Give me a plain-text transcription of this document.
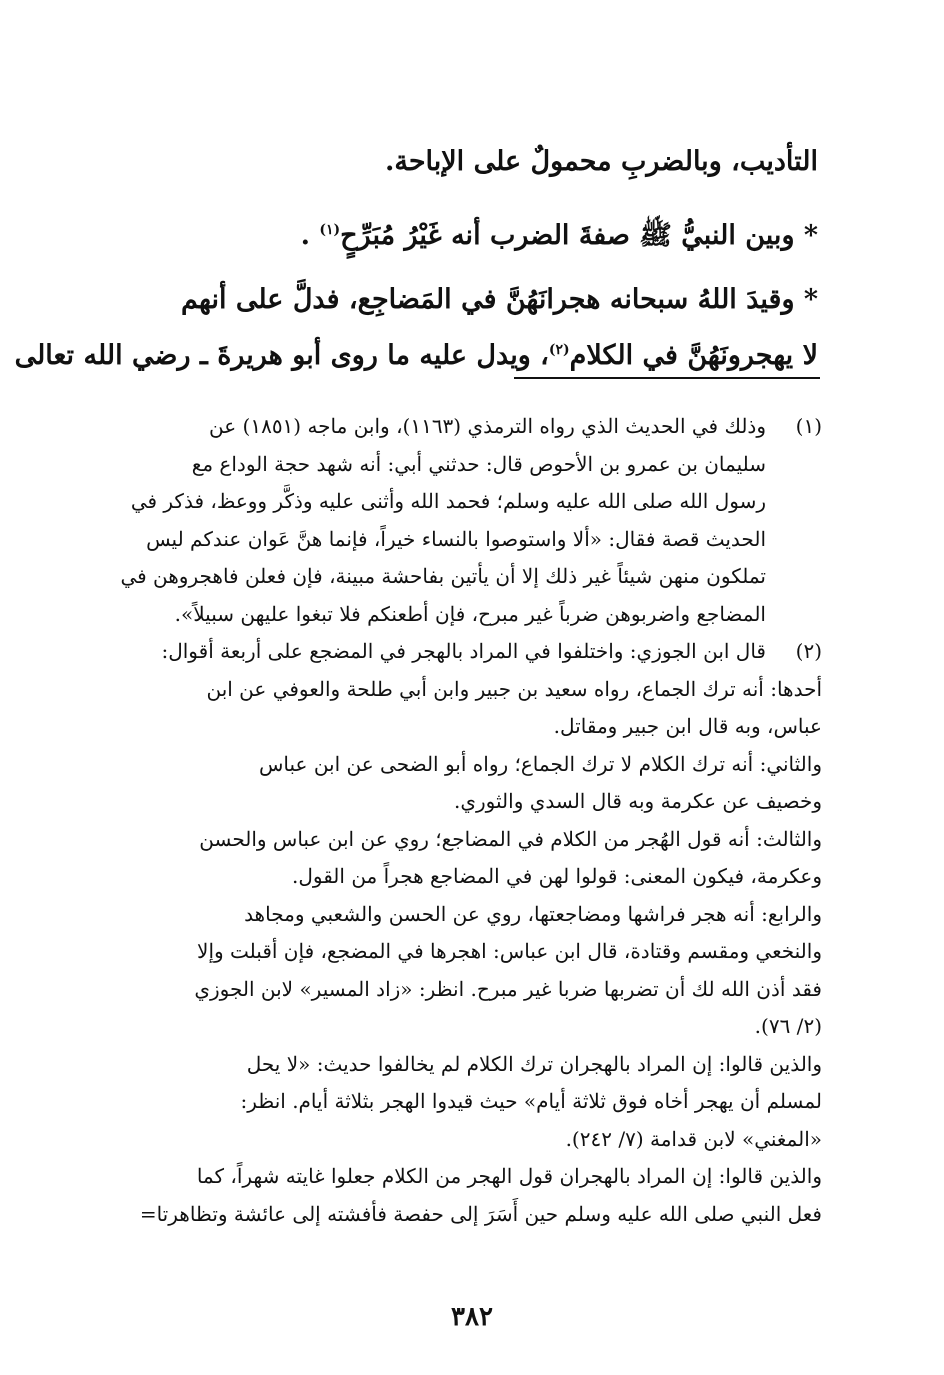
التأديب، وبالضربِ محمولٌ على الإباحة.

* وبين النبيُّ ﷺ صفةَ الضرب أنه غَيْرُ مُبَرِّحٍ$^{(١)}$ .

* وقيدَ اللهُ سبحانه هجرانَهُنَّ في المَضاجِع، فدلَّ على أنهم

لا يهجرونَهُنَّ في الكلام$^{(٢)}$، ويدل عليه ما روى أبو هريرةَ ـ رضي الله تعالى

(١)
وذلك في الحديث الذي رواه الترمذي (١١٦٣)، وابن ماجه (١٨٥١) عن
سليمان بن عمرو بن الأحوص قال: حدثني أبي: أنه شهد حجة الوداع مع
رسول الله صلى الله عليه وسلم؛ فحمد الله وأثنى عليه وذكَّر ووعظ، فذكر في
الحديث قصة فقال: «ألا واستوصوا بالنساء خيراً، فإنما هنَّ عَوان عندكم ليس
تملكون منهن شيئاً غير ذلك إلا أن يأتين بفاحشة مبينة، فإن فعلن فاهجروهن في
المضاجع واضربوهن ضرباً غير مبرح، فإن أطعنكم فلا تبغوا عليهن سبيلاً».
(٢)
قال ابن الجوزي: واختلفوا في المراد بالهجر في المضجع على أربعة أقوال:
أحدها: أنه ترك الجماع، رواه سعيد بن جبير وابن أبي طلحة والعوفي عن ابن
عباس، وبه قال ابن جبير ومقاتل.
والثاني: أنه ترك الكلام لا ترك الجماع؛ رواه أبو الضحى عن ابن عباس
وخصيف عن عكرمة وبه قال السدي والثوري.
والثالث: أنه قول الهُجر من الكلام في المضاجع؛ روي عن ابن عباس والحسن
وعكرمة، فيكون المعنى: قولوا لهن في المضاجع هجراً من القول.
والرابع: أنه هجر فراشها ومضاجعتها، روي عن الحسن والشعبي ومجاهد
والنخعي ومقسم وقتادة، قال ابن عباس: اهجرها في المضجع، فإن أقبلت وإلا
فقد أذن الله لك أن تضربها ضربا غير مبرح. انظر: «زاد المسير» لابن الجوزي
(٢/ ٧٦).
والذين قالوا: إن المراد بالهجران ترك الكلام لم يخالفوا حديث: «لا يحل
لمسلم أن يهجر أخاه فوق ثلاثة أيام» حيث قيدوا الهجر بثلاثة أيام. انظر:
«المغني» لابن قدامة (٧/ ٢٤٢).
والذين قالوا: إن المراد بالهجران قول الهجر من الكلام جعلوا غايته شهراً، كما
فعل النبي صلى الله عليه وسلم حين أَسَرَ إلى حفصة فأفشته إلى عائشة وتظاهرتا=
٣٨٢
